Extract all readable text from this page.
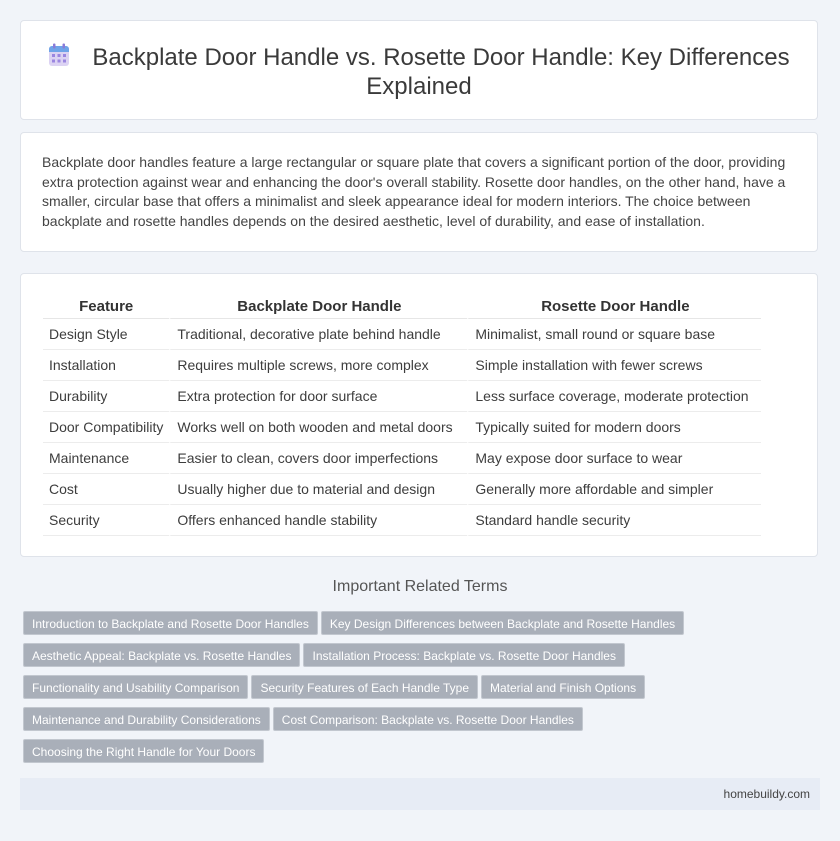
Backplate Door Handle vs. Rosette Door Handle: Key Differences Explained

Backplate door handles feature a large rectangular or square plate that covers a significant portion of the door, providing extra protection against wear and enhancing the door's overall stability. Rosette door handles, on the other hand, have a smaller, circular base that offers a minimalist and sleek appearance ideal for modern interiors. The choice between backplate and rosette handles depends on the desired aesthetic, level of durability, and ease of installation.

Feature	Backplate Door Handle	Rosette Door Handle
Design Style	Traditional, decorative plate behind handle	Minimalist, small round or square base
Installation	Requires multiple screws, more complex	Simple installation with fewer screws
Durability	Extra protection for door surface	Less surface coverage, moderate protection
Door Compatibility	Works well on both wooden and metal doors	Typically suited for modern doors
Maintenance	Easier to clean, covers door imperfections	May expose door surface to wear
Cost	Usually higher due to material and design	Generally more affordable and simpler
Security	Offers enhanced handle stability	Standard handle security
Important Related Terms
Introduction to Backplate and Rosette Door Handles Key Design Differences between Backplate and Rosette Handles
Aesthetic Appeal: Backplate vs. Rosette Handles Installation Process: Backplate vs. Rosette Door Handles
Functionality and Usability Comparison Security Features of Each Handle Type Material and Finish Options
Maintenance and Durability Considerations Cost Comparison: Backplate vs. Rosette Door Handles
Choosing the Right Handle for Your Doors
homebuildy.com
